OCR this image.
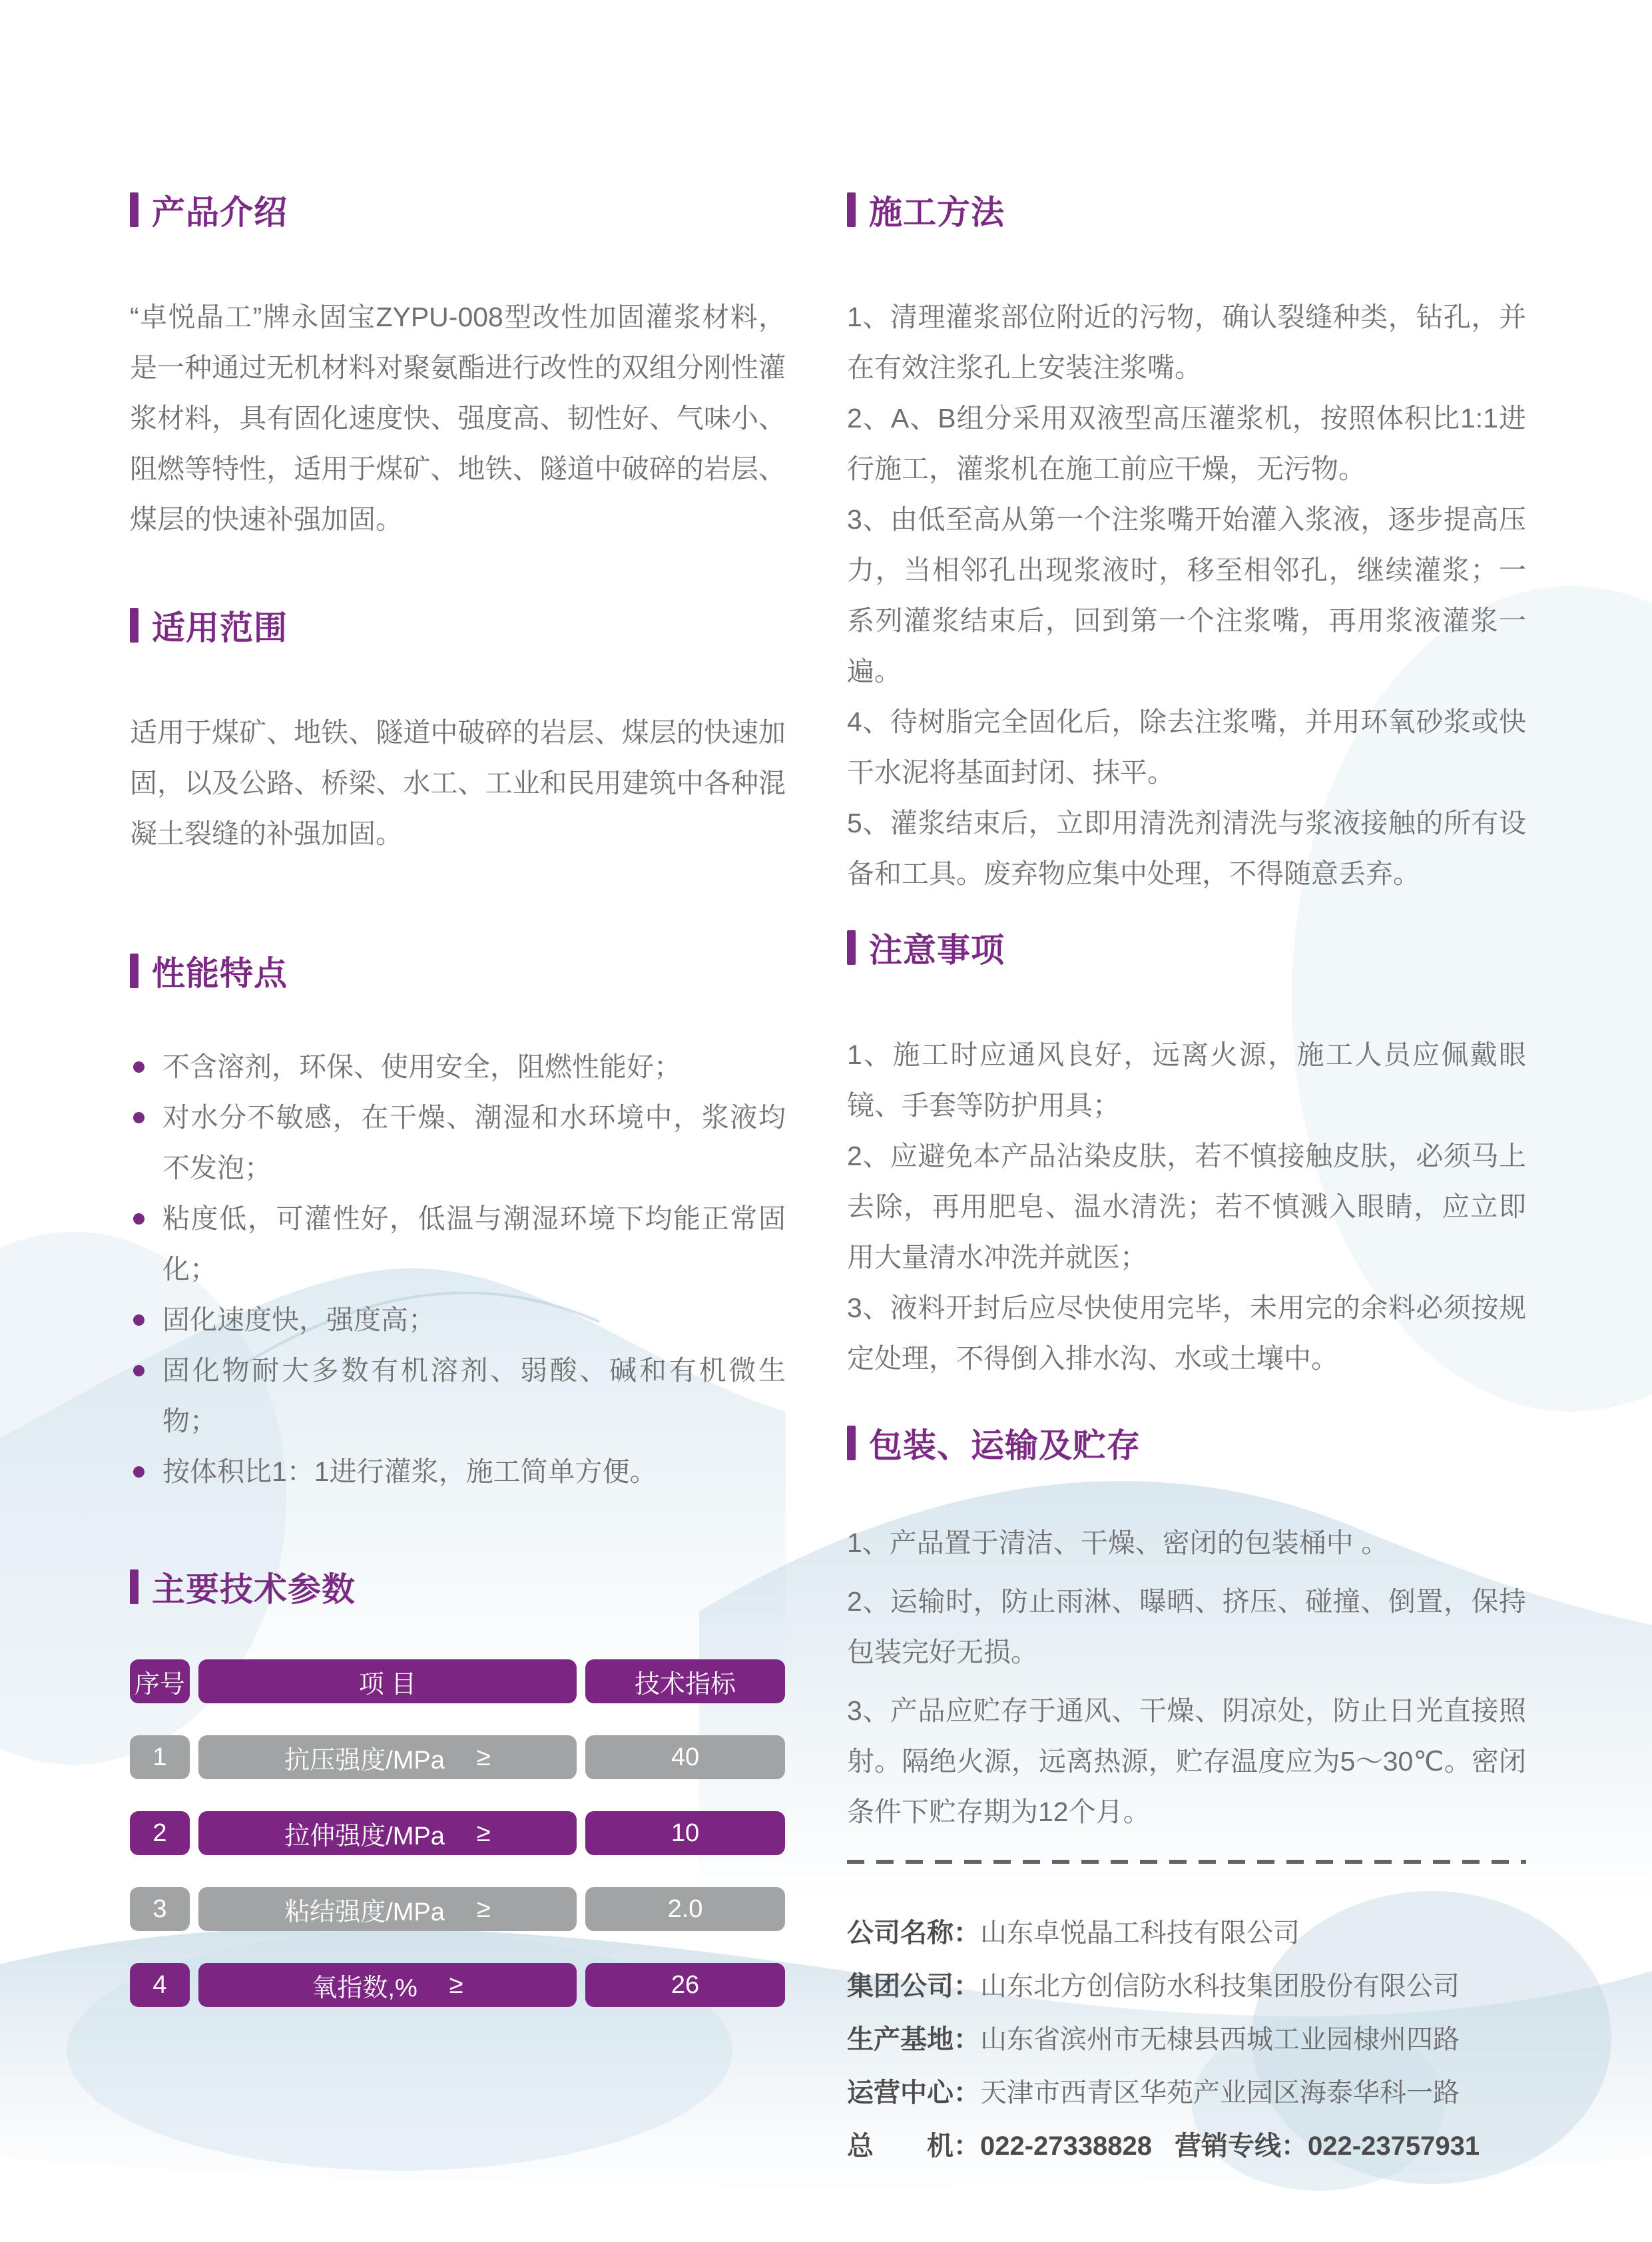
产品介绍

“卓悦晶工”牌永固宝ZYPU-008型改性加固灌浆材料，是一种通过无机材料对聚氨酯进行改性的双组分刚性灌浆材料，具有固化速度快、强度高、韧性好、气味小、阻燃等特性，适用于煤矿、地铁、隧道中破碎的岩层、煤层的快速补强加固。

适用范围

适用于煤矿、地铁、隧道中破碎的岩层、煤层的快速加固，以及公路、桥梁、水工、工业和民用建筑中各种混凝土裂缝的补强加固。

性能特点
不含溶剂，环保、使用安全，阻燃性能好；
对水分不敏感，在干燥、潮湿和水环境中，浆液均不发泡；
粘度低，可灌性好，低温与潮湿环境下均能正常固化；
固化速度快，强度高；
固化物耐大多数有机溶剂、弱酸、碱和有机微生物；
按体积比1：1进行灌浆，施工简单方便。
主要技术参数
序号	项 目	技术指标
1	抗压强度/MPa ≥	40
2	拉伸强度/MPa ≥	10
3	粘结强度/MPa ≥	2.0
4	氧指数,% ≥	26
施工方法

1、清理灌浆部位附近的污物，确认裂缝种类，钻孔，并在有效注浆孔上安装注浆嘴。

2、A、B组分采用双液型高压灌浆机，按照体积比1:1进行施工，灌浆机在施工前应干燥，无污物。

3、由低至高从第一个注浆嘴开始灌入浆液，逐步提高压力，当相邻孔出现浆液时，移至相邻孔，继续灌浆；一系列灌浆结束后，回到第一个注浆嘴，再用浆液灌浆一遍。

4、待树脂完全固化后，除去注浆嘴，并用环氧砂浆或快干水泥将基面封闭、抹平。

5、灌浆结束后，立即用清洗剂清洗与浆液接触的所有设备和工具。废弃物应集中处理，不得随意丢弃。

注意事项

1、施工时应通风良好，远离火源，施工人员应佩戴眼镜、手套等防护用具；

2、应避免本产品沾染皮肤，若不慎接触皮肤，必须马上去除，再用肥皂、温水清洗；若不慎溅入眼睛，应立即用大量清水冲洗并就医；

3、液料开封后应尽快使用完毕，未用完的余料必须按规定处理，不得倒入排水沟、水或土壤中。

包装、运输及贮存

1、产品置于清洁、干燥、密闭的包装桶中 。

2、运输时，防止雨淋、曝晒、挤压、碰撞、倒置，保持包装完好无损。

3、产品应贮存于通风、干燥、阴凉处，防止日光直接照射。隔绝火源，远离热源，贮存温度应为5～30℃。密闭条件下贮存期为12个月。

公司名称： 山东卓悦晶工科技有限公司
集团公司： 山东北方创信防水科技集团股份有限公司
生产基地： 山东省滨州市无棣县西城工业园棣州四路
运营中心： 天津市西青区华苑产业园区海泰华科一路
总　　机： 022-27338828 营销专线： 022-23757931
